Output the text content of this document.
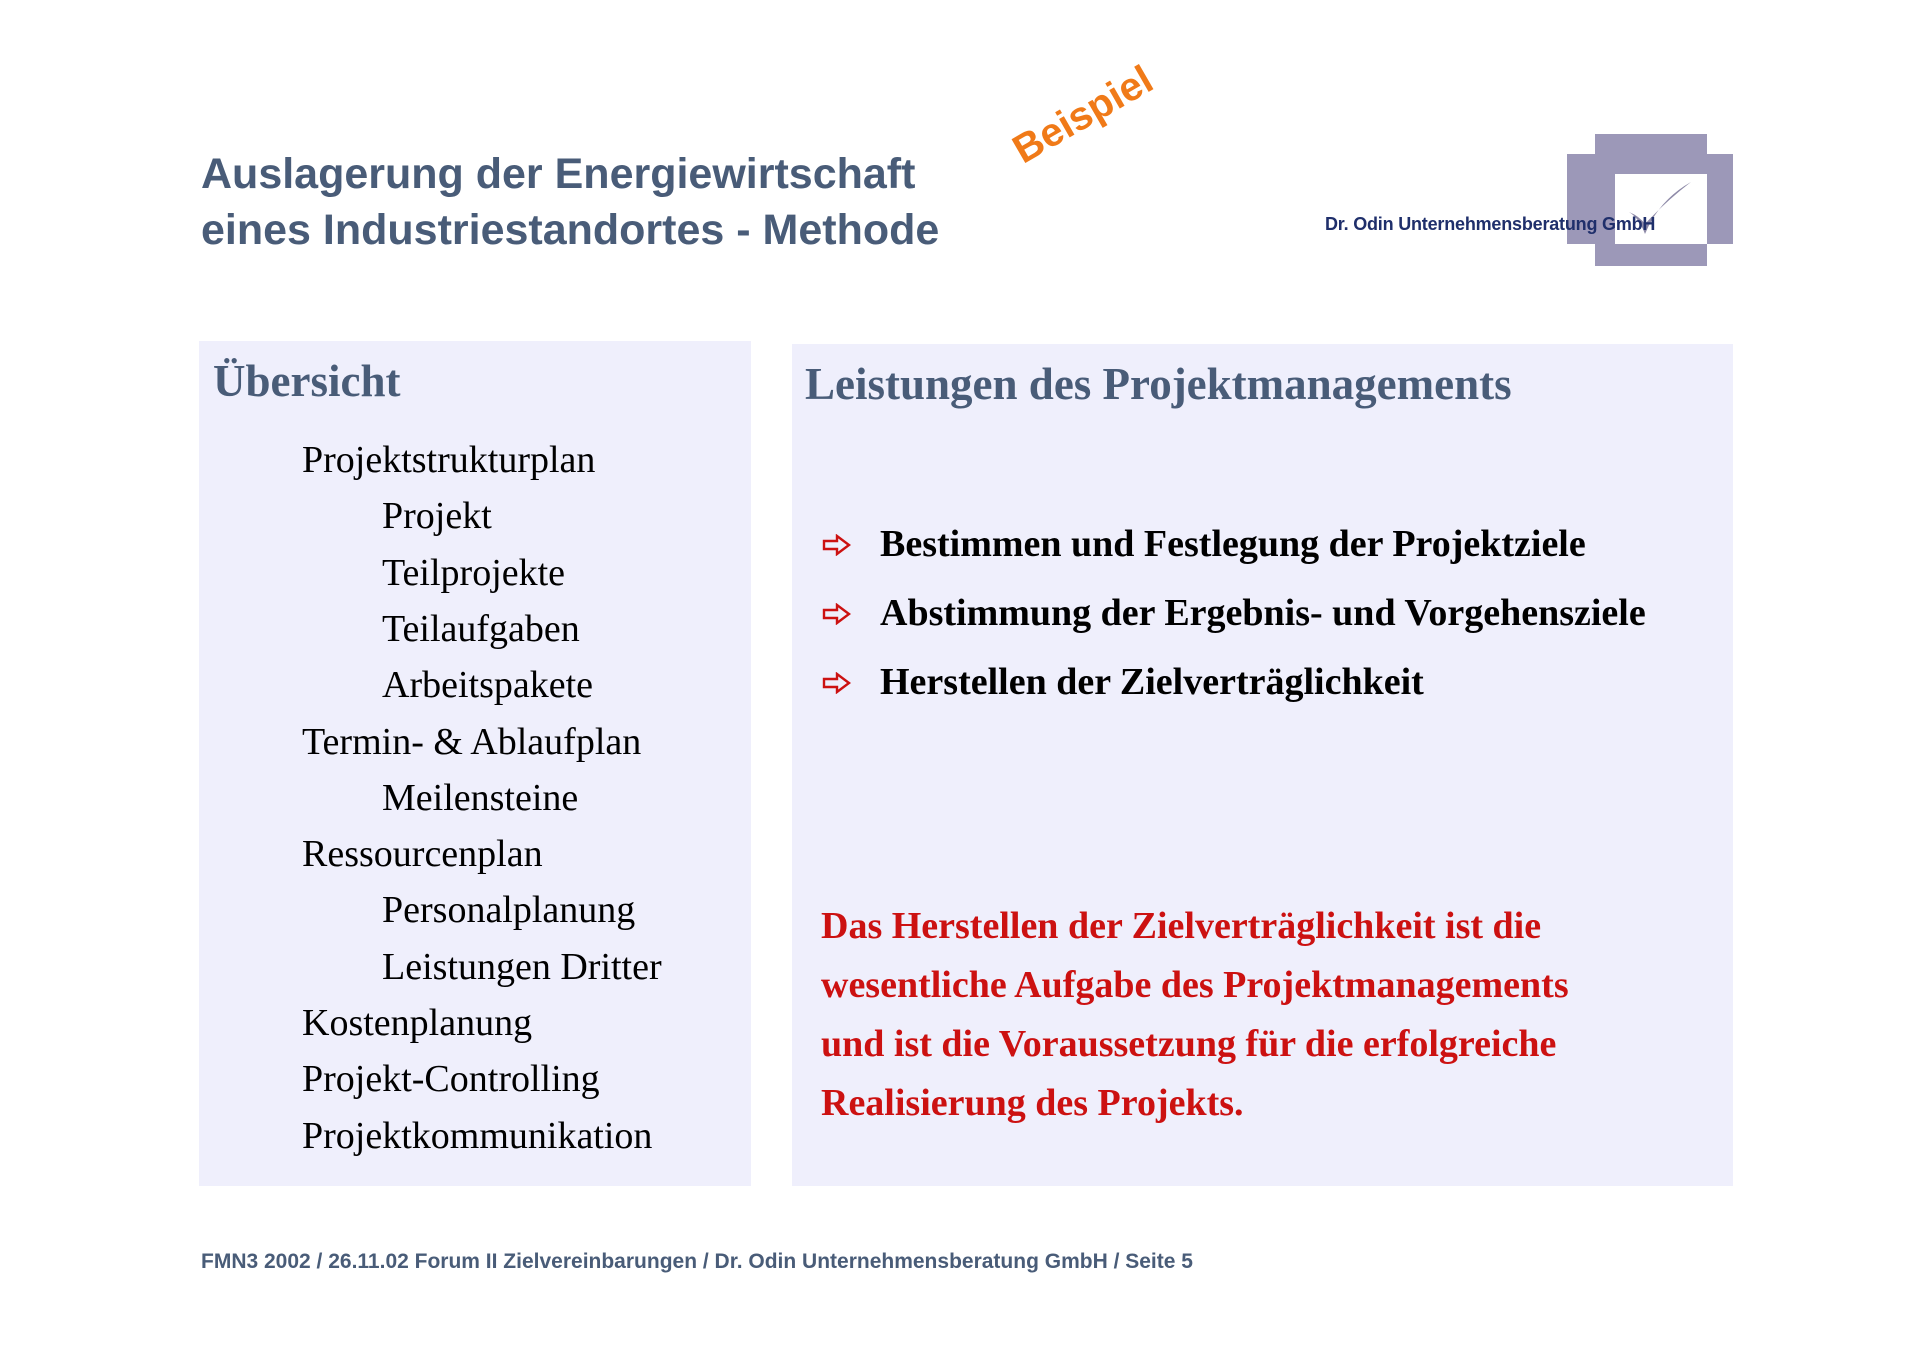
Auslagerung der Energiewirtschaft
eines Industriestandortes - Methode
Beispiel
Dr. Odin Unternehmensberatung GmbH
Übersicht
Projektstrukturplan
Projekt
Teilprojekte
Teilaufgaben
Arbeitspakete
Termin- & Ablaufplan
Meilensteine
Ressourcenplan
Personalplanung
Leistungen Dritter
Kostenplanung
Projekt-Controlling
Projektkommunikation
Leistungen des Projektmanagements
Bestimmen und Festlegung der Projektziele
Abstimmung der Ergebnis- und Vorgehensziele
Herstellen der Zielverträglichkeit

Das Herstellen der Zielverträglichkeit ist die
wesentliche Aufgabe des Projektmanagements
und ist die Voraussetzung für die erfolgreiche
Realisierung des Projekts.

FMN3 2002 / 26.11.02 Forum II Zielvereinbarungen / Dr. Odin Unternehmensberatung GmbH / Seite 5
